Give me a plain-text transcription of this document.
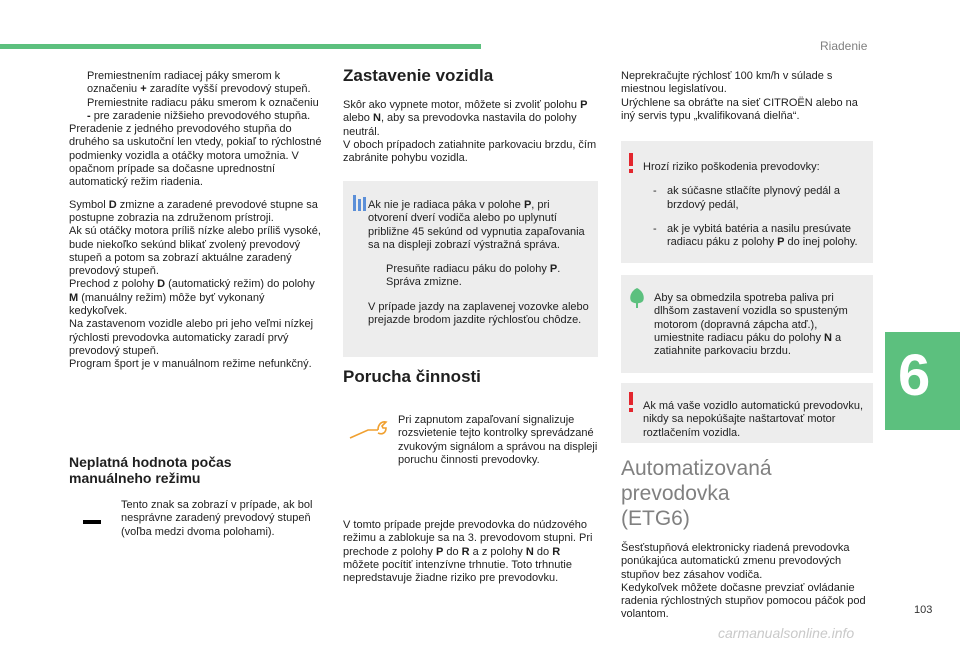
Riadenie
6
103
carmanualsonline.info

Premiestnením radiacej páky smerom k označeniu + zaradíte vyšší prevodový stupeň.

Premiestnite radiacu páku smerom k označeniu - pre zaradenie nižšieho prevodového stupňa.

Preradenie z jedného prevodového stupňa do druhého sa uskutoční len vtedy, pokiaľ to rýchlostné podmienky vozidla a otáčky motora umožnia. V opačnom prípade sa dočasne uprednostní automatický režim riadenia.

Symbol D zmizne a zaradené prevodové stupne sa postupne zobrazia na združenom prístroji.

Ak sú otáčky motora príliš nízke alebo príliš vysoké, bude niekoľko sekúnd blikať zvolený prevodový stupeň a potom sa zobrazí aktuálne zaradený prevodový stupeň.

Prechod z polohy D (automatický režim) do polohy M (manuálny režim) môže byť vykonaný kedykoľvek.

Na zastavenom vozidle alebo pri jeho veľmi nízkej rýchlosti prevodovka automaticky zaradí prvý prevodový stupeň.

Program šport je v manuálnom režime nefunkčný.

Neplatná hodnota počas manuálneho režimu

Tento znak sa zobrazí v prípade, ak bol nesprávne zaradený prevodový stupeň (voľba medzi dvoma polohami).

Zastavenie vozidla

Skôr ako vypnete motor, môžete si zvoliť polohu P alebo N, aby sa prevodovka nastavila do polohy neutrál.

V oboch prípadoch zatiahnite parkovaciu brzdu, čím zabránite pohybu vozidla.

Ak nie je radiaca páka v polohe P, pri otvorení dverí vodiča alebo po uplynutí približne 45 sekúnd od vypnutia zapaľovania sa na displeji zobrazí výstražná správa.

Presuňte radiacu páku do polohy P.
Správa zmizne.

V prípade jazdy na zaplavenej vozovke alebo prejazde brodom jazdite rýchlosťou chôdze.

Porucha činnosti

Pri zapnutom zapaľovaní signalizuje rozsvietenie tejto kontrolky sprevádzané zvukovým signálom a správou na displeji poruchu činnosti prevodovky.

V tomto prípade prejde prevodovka do núdzového režimu a zablokuje sa na 3. prevodovom stupni. Pri prechode z polohy P do R a z polohy N do R môžete pocítiť intenzívne trhnutie. Toto trhnutie nepredstavuje žiadne riziko pre prevodovku.

Neprekračujte rýchlosť 100 km/h v súlade s miestnou legislatívou.

Urýchlene sa obráťte na sieť CITROËN alebo na iný servis typu „kvalifikovaná dielňa“.

Hrozí riziko poškodenia prevodovky:

- ak súčasne stlačíte plynový pedál a brzdový pedál,

- ak je vybitá batéria a nasilu presúvate radiacu páku z polohy P do inej polohy.

Aby sa obmedzila spotreba paliva pri dlhšom zastavení vozidla so spusteným motorom (dopravná zápcha atď.), umiestnite radiacu páku do polohy N a zatiahnite parkovaciu brzdu.

Ak má vaše vozidlo automatickú prevodovku, nikdy sa nepokúšajte naštartovať motor roztlačením vozidla.

Automatizovaná prevodovka (ETG6)

Šesťstupňová elektronicky riadená prevodovka ponúkajúca automatickú zmenu prevodových stupňov bez zásahov vodiča.

Kedykoľvek môžete dočasne prevziať ovládanie radenia rýchlostných stupňov pomocou páčok pod volantom.
